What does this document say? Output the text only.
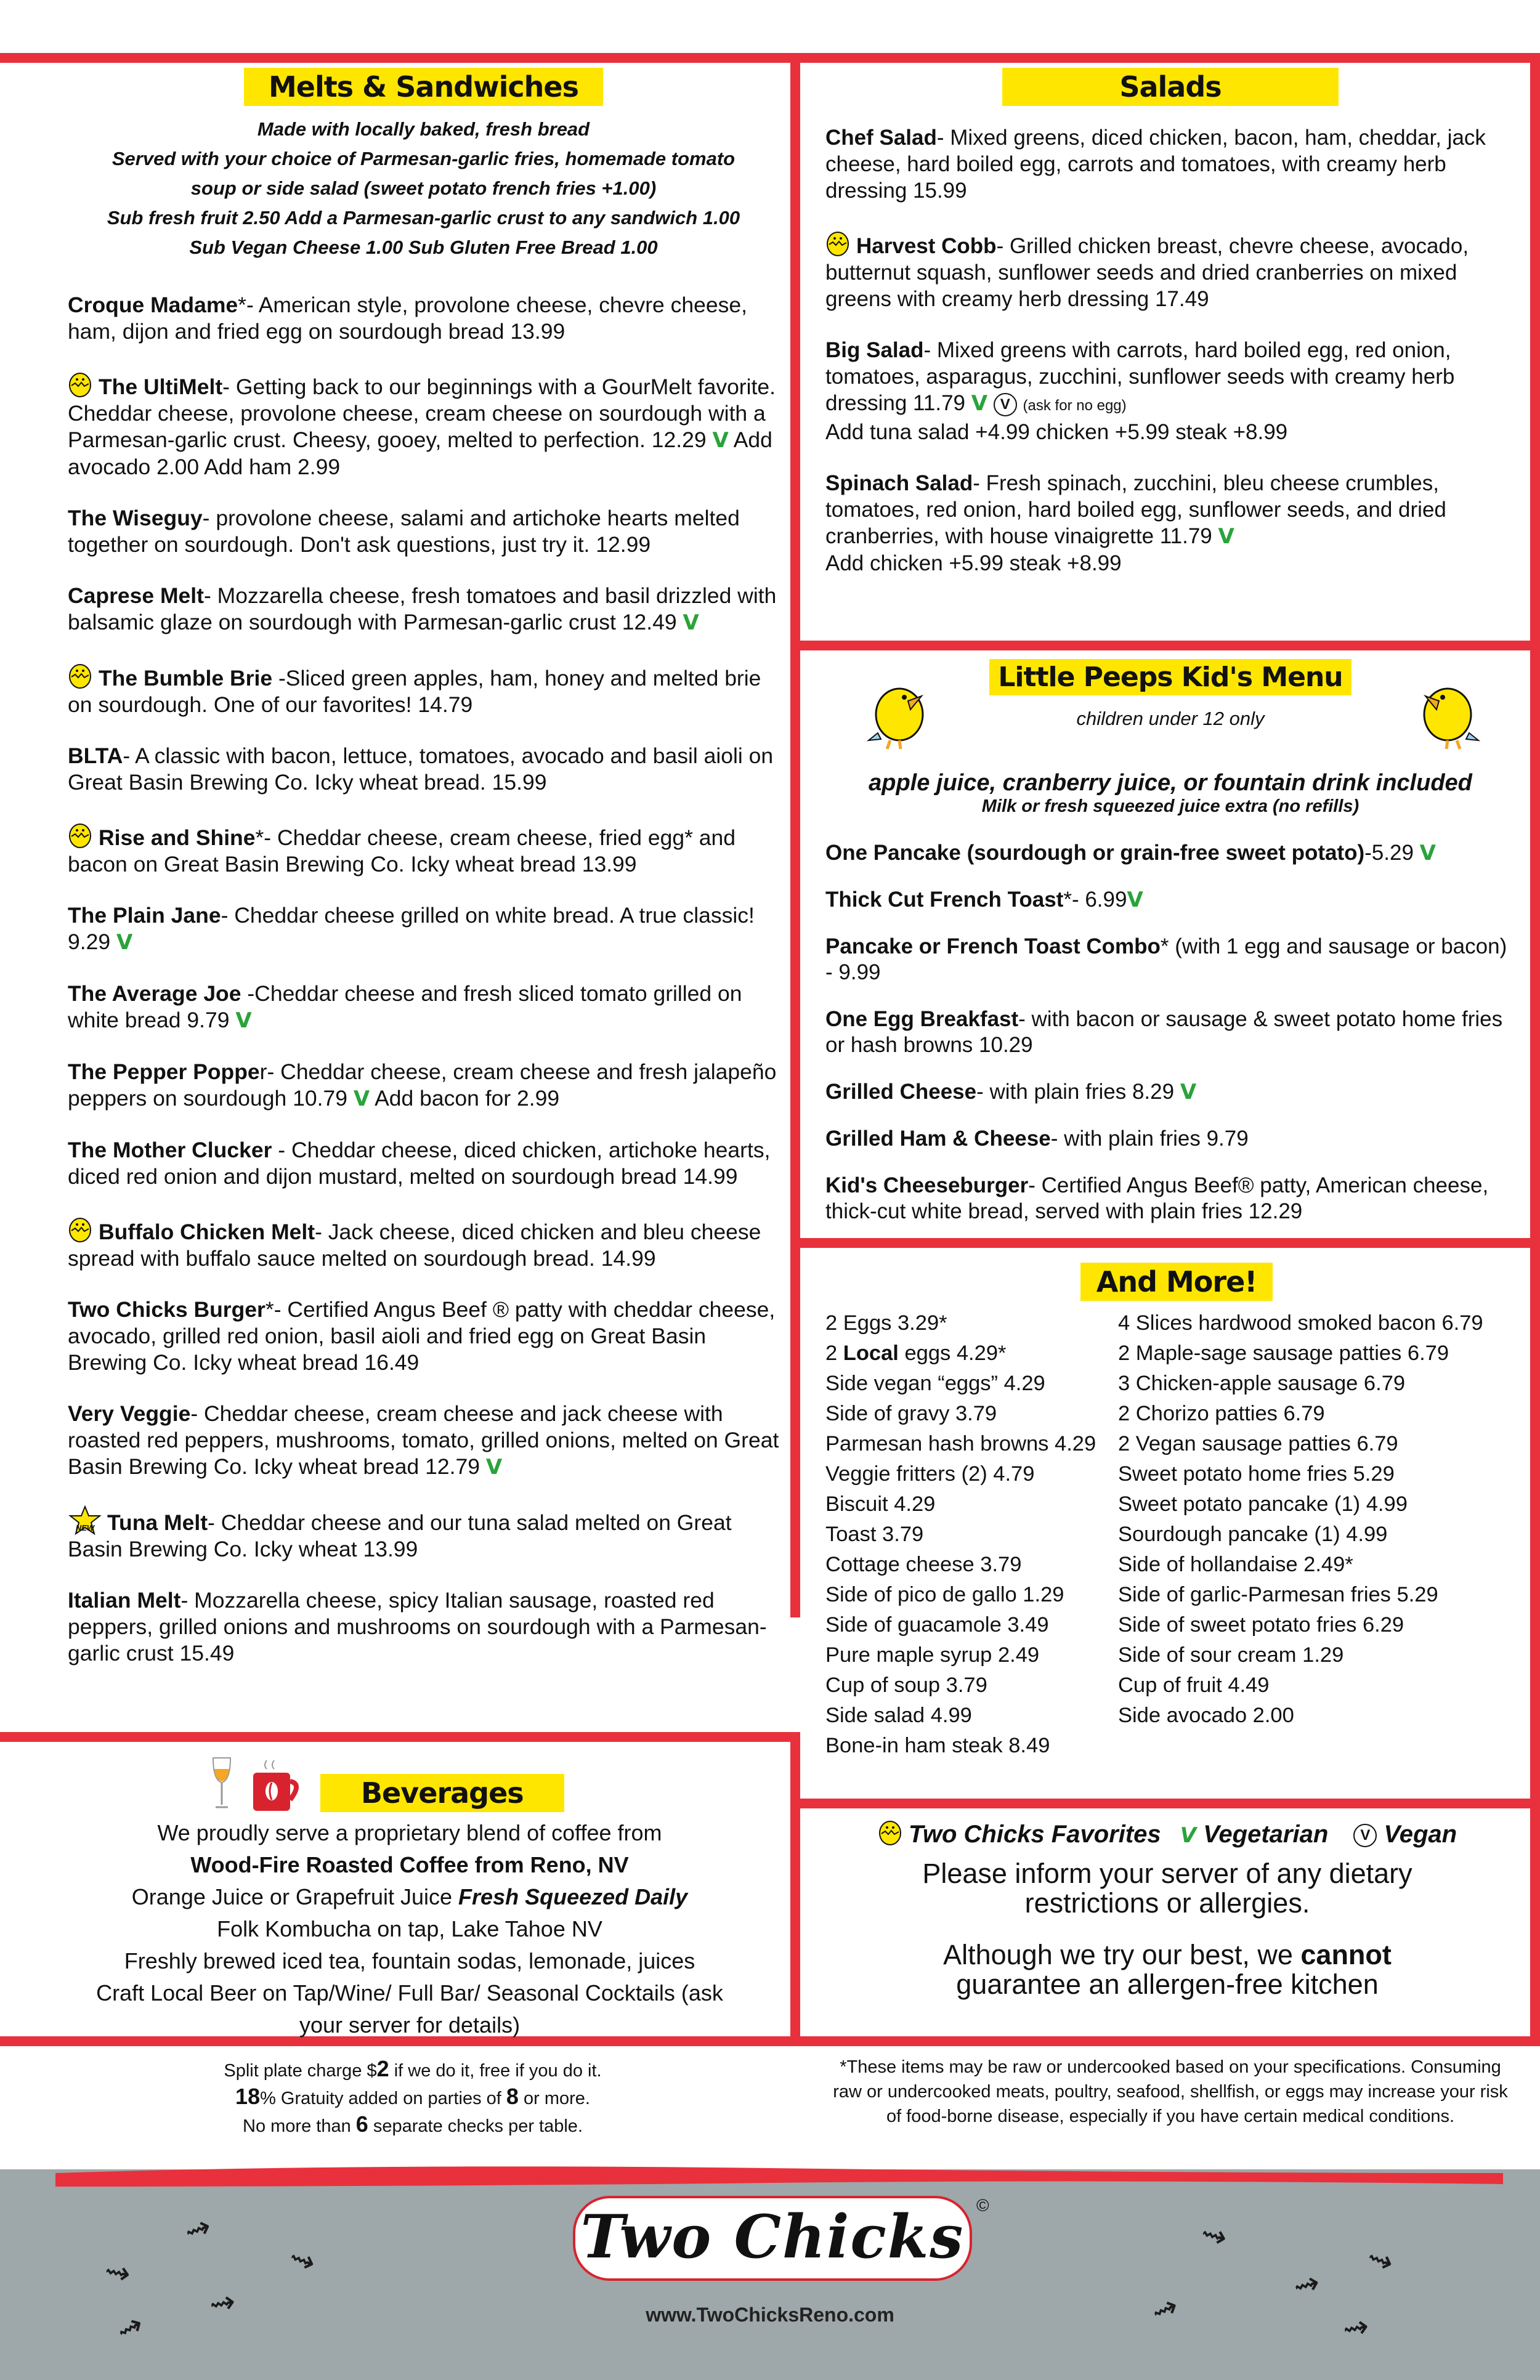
Melts & Sandwiches
Made with locally baked, fresh bread
Served with your choice of Parmesan-garlic fries, homemade tomato
soup or side salad (sweet potato french fries +1.00)
Sub fresh fruit 2.50 Add a Parmesan-garlic crust to any sandwich 1.00
Sub Vegan Cheese 1.00 Sub Gluten Free Bread 1.00
Croque Madame*- American style, provolone cheese, chevre cheese, ham, dijon and fried egg on sourdough bread 13.99
The UltiMelt- Getting back to our beginnings with a GourMelt favorite. Cheddar cheese, provolone cheese, cream cheese on sourdough with a Parmesan-garlic crust. Cheesy, gooey, melted to perfection. 12.29 V Add avocado 2.00 Add ham 2.99
The Wiseguy- provolone cheese, salami and artichoke hearts melted together on sourdough. Don't ask questions, just try it. 12.99
Caprese Melt- Mozzarella cheese, fresh tomatoes and basil drizzled with balsamic glaze on sourdough with Parmesan-garlic crust 12.49 V
The Bumble Brie -Sliced green apples, ham, honey and melted brie on sourdough. One of our favorites! 14.79
BLTA- A classic with bacon, lettuce, tomatoes, avocado and basil aioli on Great Basin Brewing Co. Icky wheat bread. 15.99
Rise and Shine*- Cheddar cheese, cream cheese, fried egg* and bacon on Great Basin Brewing Co. Icky wheat bread 13.99
The Plain Jane- Cheddar cheese grilled on white bread. A true classic! 9.29 V
The Average Joe -Cheddar cheese and fresh sliced tomato grilled on white bread 9.79 V
The Pepper Popper- Cheddar cheese, cream cheese and fresh jalapeño peppers on sourdough 10.79 V Add bacon for 2.99
The Mother Clucker - Cheddar cheese, diced chicken, artichoke hearts, diced red onion and dijon mustard, melted on sourdough bread 14.99
Buffalo Chicken Melt- Jack cheese, diced chicken and bleu cheese spread with buffalo sauce melted on sourdough bread. 14.99
Two Chicks Burger*- Certified Angus Beef ® patty with cheddar cheese, avocado, grilled red onion, basil aioli and fried egg on Great Basin Brewing Co. Icky wheat bread 16.49
Very Veggie- Cheddar cheese, cream cheese and jack cheese with roasted red peppers, mushrooms, tomato, grilled onions, melted on Great Basin Brewing Co. Icky wheat bread 12.79 V
NEW Tuna Melt- Cheddar cheese and our tuna salad melted on Great Basin Brewing Co. Icky wheat 13.99
Italian Melt- Mozzarella cheese, spicy Italian sausage, roasted red peppers, grilled onions and mushrooms on sourdough with a Parmesan-garlic crust 15.49
Salads
Chef Salad- Mixed greens, diced chicken, bacon, ham, cheddar, jack cheese, hard boiled egg, carrots and tomatoes, with creamy herb dressing 15.99
Harvest Cobb- Grilled chicken breast, chevre cheese, avocado, butternut squash, sunflower seeds and dried cranberries on mixed greens with creamy herb dressing 17.49
Big Salad- Mixed greens with carrots, hard boiled egg, red onion, tomatoes, asparagus, zucchini, sunflower seeds with creamy herb dressing 11.79 V V (ask for no egg)
Add tuna salad +4.99 chicken +5.99 steak +8.99
Spinach Salad- Fresh spinach, zucchini, bleu cheese crumbles, tomatoes, red onion, hard boiled egg, sunflower seeds, and dried cranberries, with house vinaigrette 11.79 V
Add chicken +5.99 steak +8.99
Little Peeps Kid's Menu
children under 12 only
apple juice, cranberry juice, or fountain drink included
Milk or fresh squeezed juice extra (no refills)
One Pancake (sourdough or grain-free sweet potato)-5.29 V
Thick Cut French Toast*- 6.99V
Pancake or French Toast Combo* (with 1 egg and sausage or bacon) - 9.99
One Egg Breakfast- with bacon or sausage & sweet potato home fries or hash browns 10.29
Grilled Cheese- with plain fries 8.29 V
Grilled Ham & Cheese- with plain fries 9.79
Kid's Cheeseburger- Certified Angus Beef® patty, American cheese, thick-cut white bread, served with plain fries 12.29
And More!
2 Eggs 3.29*
2 Local eggs 4.29*
Side vegan “eggs” 4.29
Side of gravy 3.79
Parmesan hash browns 4.29
Veggie fritters (2) 4.79
Biscuit 4.29
Toast 3.79
Cottage cheese 3.79
Side of pico de gallo 1.29
Side of guacamole 3.49
Pure maple syrup 2.49
Cup of soup 3.79
Side salad 4.99
Bone-in ham steak 8.49
4 Slices hardwood smoked bacon 6.79
2 Maple-sage sausage patties 6.79
3 Chicken-apple sausage 6.79
2 Chorizo patties 6.79
2 Vegan sausage patties 6.79
Sweet potato home fries 5.29
Sweet potato pancake (1) 4.99
Sourdough pancake (1) 4.99
Side of hollandaise 2.49*
Side of garlic-Parmesan fries 5.29
Side of sweet potato fries 6.29
Side of sour cream 1.29
Cup of fruit 4.49
Side avocado 2.00
Beverages
We proudly serve a proprietary blend of coffee from
Wood-Fire Roasted Coffee from Reno, NV
Orange Juice or Grapefruit Juice Fresh Squeezed Daily
Folk Kombucha on tap, Lake Tahoe NV
Freshly brewed iced tea, fountain sodas, lemonade, juices
Craft Local Beer on Tap/Wine/ Full Bar/ Seasonal Cocktails (ask
your server for details)
Two Chicks Favorites V Vegetarian V Vegan
Please inform your server of any dietary restrictions or allergies.
Although we try our best, we cannot guarantee an allergen-free kitchen
Split plate charge $2 if we do it, free if you do it.
18% Gratuity added on parties of 8 or more.
No more than 6 separate checks per table.
*These items may be raw or undercooked based on your specifications. Consuming raw or undercooked meats, poultry, seafood, shellfish, or eggs may increase your risk of food-borne disease, especially if you have certain medical conditions.
⇝
⇝
⇝
⇝
⇝
⇝
⇝
⇝
⇝
⇝
Two Chicks ©
www.TwoChicksReno.com
